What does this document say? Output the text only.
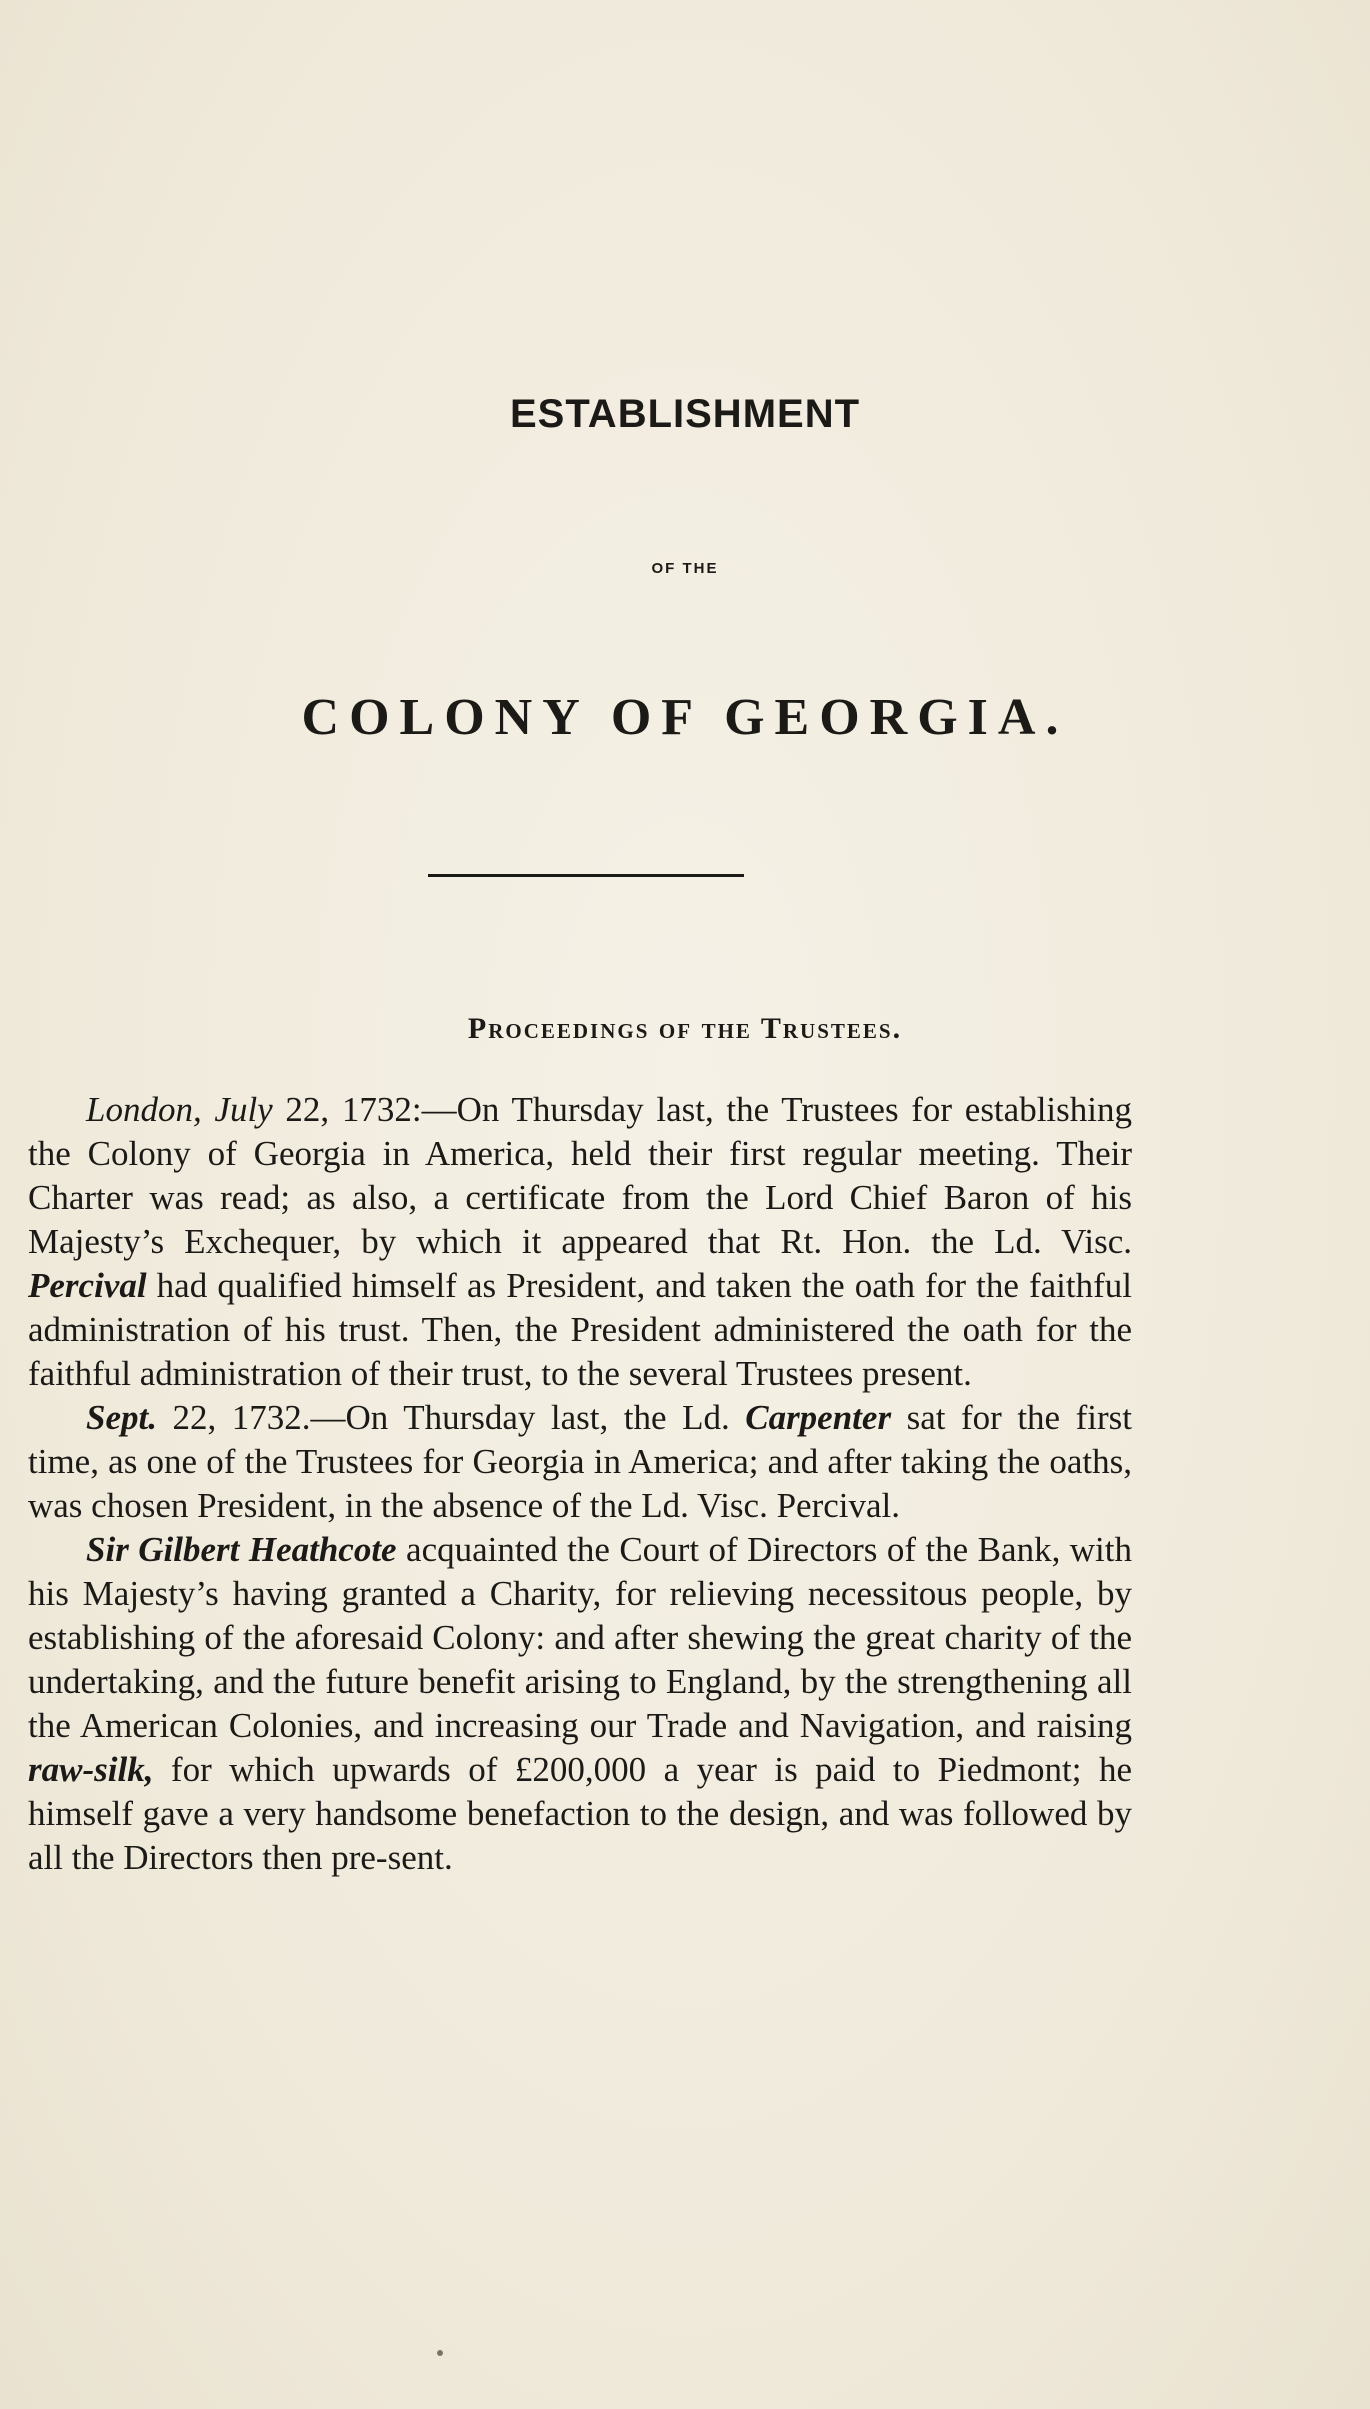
ESTABLISHMENT
OF THE
COLONY OF GEORGIA.
Proceedings of the Trustees.

London, July 22, 1732:—On Thursday last, the Trustees for establishing the Colony of Georgia in America, held their first regular meeting. Their Charter was read; as also, a certificate from the Lord Chief Baron of his Majesty’s Exchequer, by which it appeared that Rt. Hon. the Ld. Visc. Percival had qualified himself as President, and taken the oath for the faithful administration of his trust. Then, the President administered the oath for the faithful administration of their trust, to the several Trustees present.

Sept. 22, 1732.—On Thursday last, the Ld. Carpenter sat for the first time, as one of the Trustees for Georgia in America; and after taking the oaths, was chosen President, in the absence of the Ld. Visc. Percival.

Sir Gilbert Heathcote acquainted the Court of Directors of the Bank, with his Majesty’s having granted a Charity, for relieving necessitous people, by establishing of the aforesaid Colony: and after shewing the great charity of the undertaking, and the future benefit arising to England, by the strengthening all the American Colonies, and increasing our Trade and Navigation, and raising raw-silk, for which upwards of £200,000 a year is paid to Piedmont; he himself gave a very handsome benefaction to the design, and was followed by all the Directors then pre-sent.
